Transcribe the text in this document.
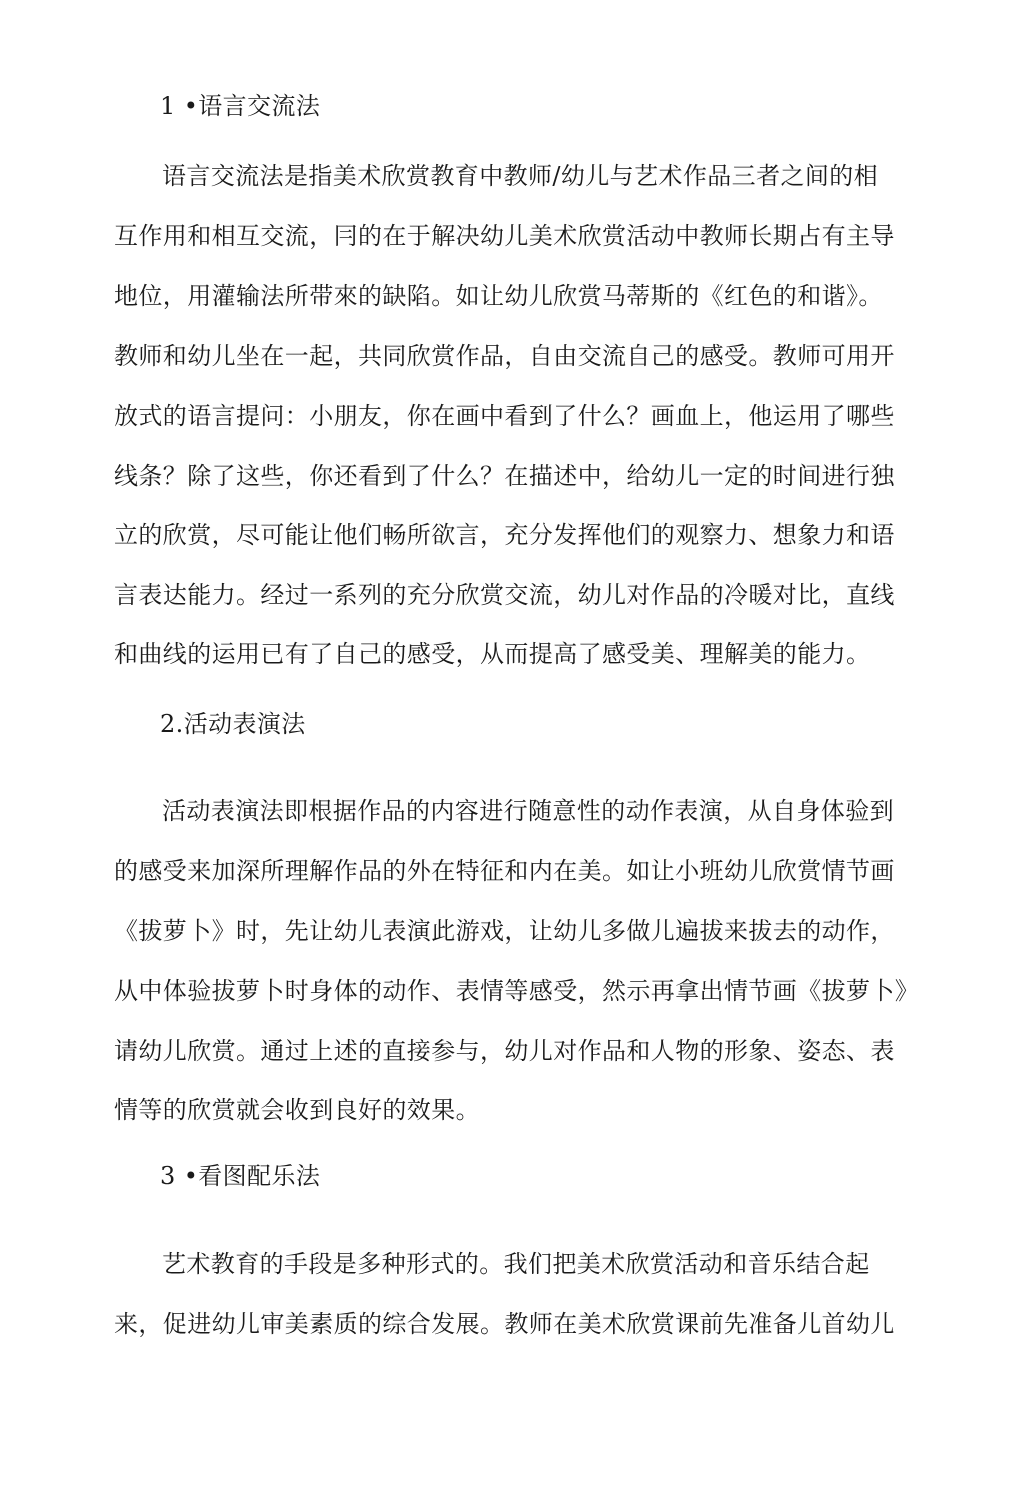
1 •语言交流法
语言交流法是指美术欣赏教育中教师/幼儿与艺术作品三者之间的相
互作用和相互交流，冃的在于解决幼儿美术欣赏活动中教师长期占有主导
地位，用灌输法所带來的缺陷。如让幼儿欣赏马蒂斯的《红色的和谐》。
教师和幼儿坐在一起，共同欣赏作品，自由交流自己的感受。教师可用开
放式的语言提问：小朋友，你在画中看到了什么？画血上，他运用了哪些
线条？除了这些，你还看到了什么？在描述中，给幼儿一定的时间进行独
立的欣赏，尽可能让他们畅所欲言，充分发挥他们的观察力、想象力和语
言表达能力。经过一系列的充分欣赏交流，幼儿对作品的冷暖对比，直线
和曲线的运用已有了自己的感受，从而提高了感受美、理解美的能力。
2.活动表演法
活动表演法即根据作品的内容进行随意性的动作表演，从自身体验到
的感受来加深所理解作品的外在特征和内在美。如让小班幼儿欣赏情节画
《拔萝卜》时，先让幼儿表演此游戏，让幼儿多做儿遍拔来拔去的动作，
从中体验拔萝卜时身体的动作、表情等感受，然示再拿出情节画《拔萝卜》
请幼儿欣赏。通过上述的直接参与，幼儿对作品和人物的形象、姿态、表
情等的欣赏就会收到良好的效果。
3 •看图配乐法
艺术教育的手段是多种形式的。我们把美术欣赏活动和音乐结合起
来，促进幼儿审美素质的综合发展。教师在美术欣赏课前先准备儿首幼儿
